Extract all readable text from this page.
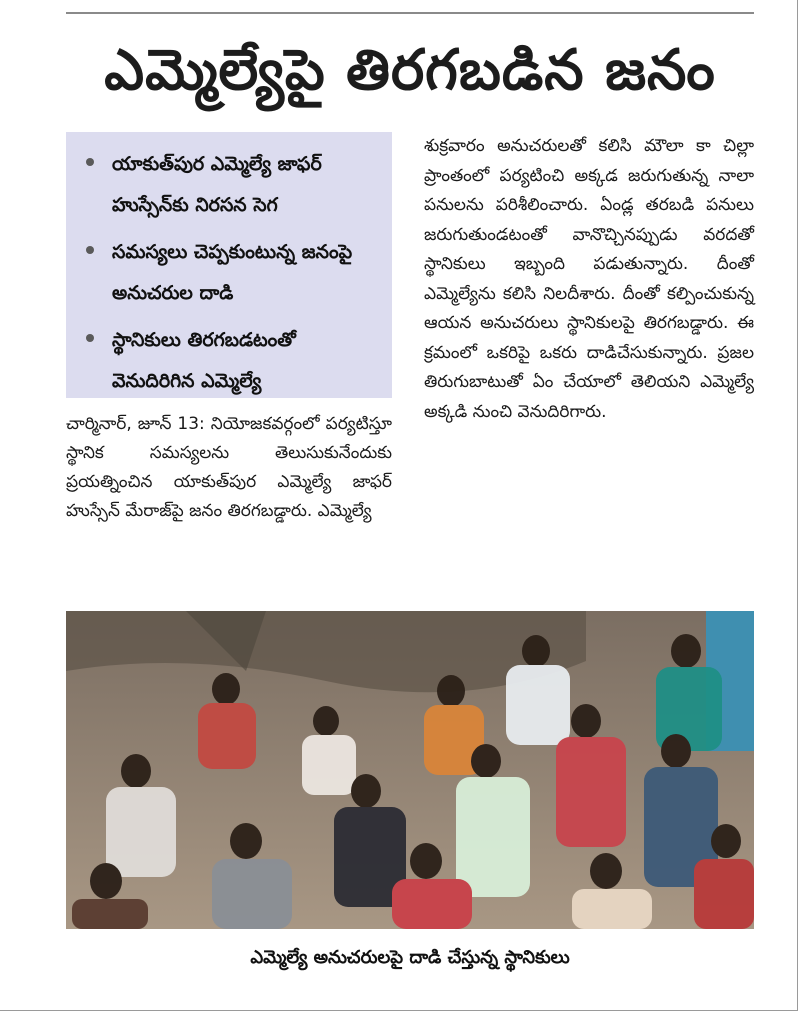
ఎమ్మెల్యేపై తిరగబడిన జనం
యాకుత్‌పుర ఎమ్మెల్యే జాఫర్ హుస్సేన్‌కు నిరసన సెగ
సమస్యలు చెప్పకుంటున్న జనంపై అనుచరుల దాడి
స్థానికులు తిరగబడటంతో వెనుదిరిగిన ఎమ్మెల్యే

చార్మినార్, జూన్ 13: నియోజకవర్గంలో పర్యటిస్తూ స్థానిక సమస్యలను తెలుసుకునేందుకు ప్రయత్నించిన యాకుత్‌పుర ఎమ్మెల్యే జాఫర్ హుస్సేన్ మేరాజ్‌పై జనం తిరగబడ్డారు. ఎమ్మెల్యే

శుక్రవారం అనుచరులతో కలిసి మౌలా కా చిల్లా ప్రాంతంలో పర్యటించి అక్కడ జరుగుతున్న నాలా పనులను పరిశీలించారు. ఏండ్ల తరబడి పనులు జరుగుతుండటంతో వానొచ్చినప్పుడు వరదతో స్థానికులు ఇబ్బంది పడుతున్నారు. దీంతో ఎమ్మెల్యేను కలిసి నిలదీశారు. దీంతో కల్పించుకున్న ఆయన అనుచరులు స్థానికులపై తిరగబడ్డారు. ఈ క్రమంలో ఒకరిపై ఒకరు దాడిచేసుకున్నారు. ప్రజల తిరుగుబాటుతో ఏం చేయాలో తెలియని ఎమ్మెల్యే అక్కడి నుంచి వెనుదిరిగారు.

ఎమ్మెల్యే అనుచరులపై దాడి చేస్తున్న స్థానికులు
